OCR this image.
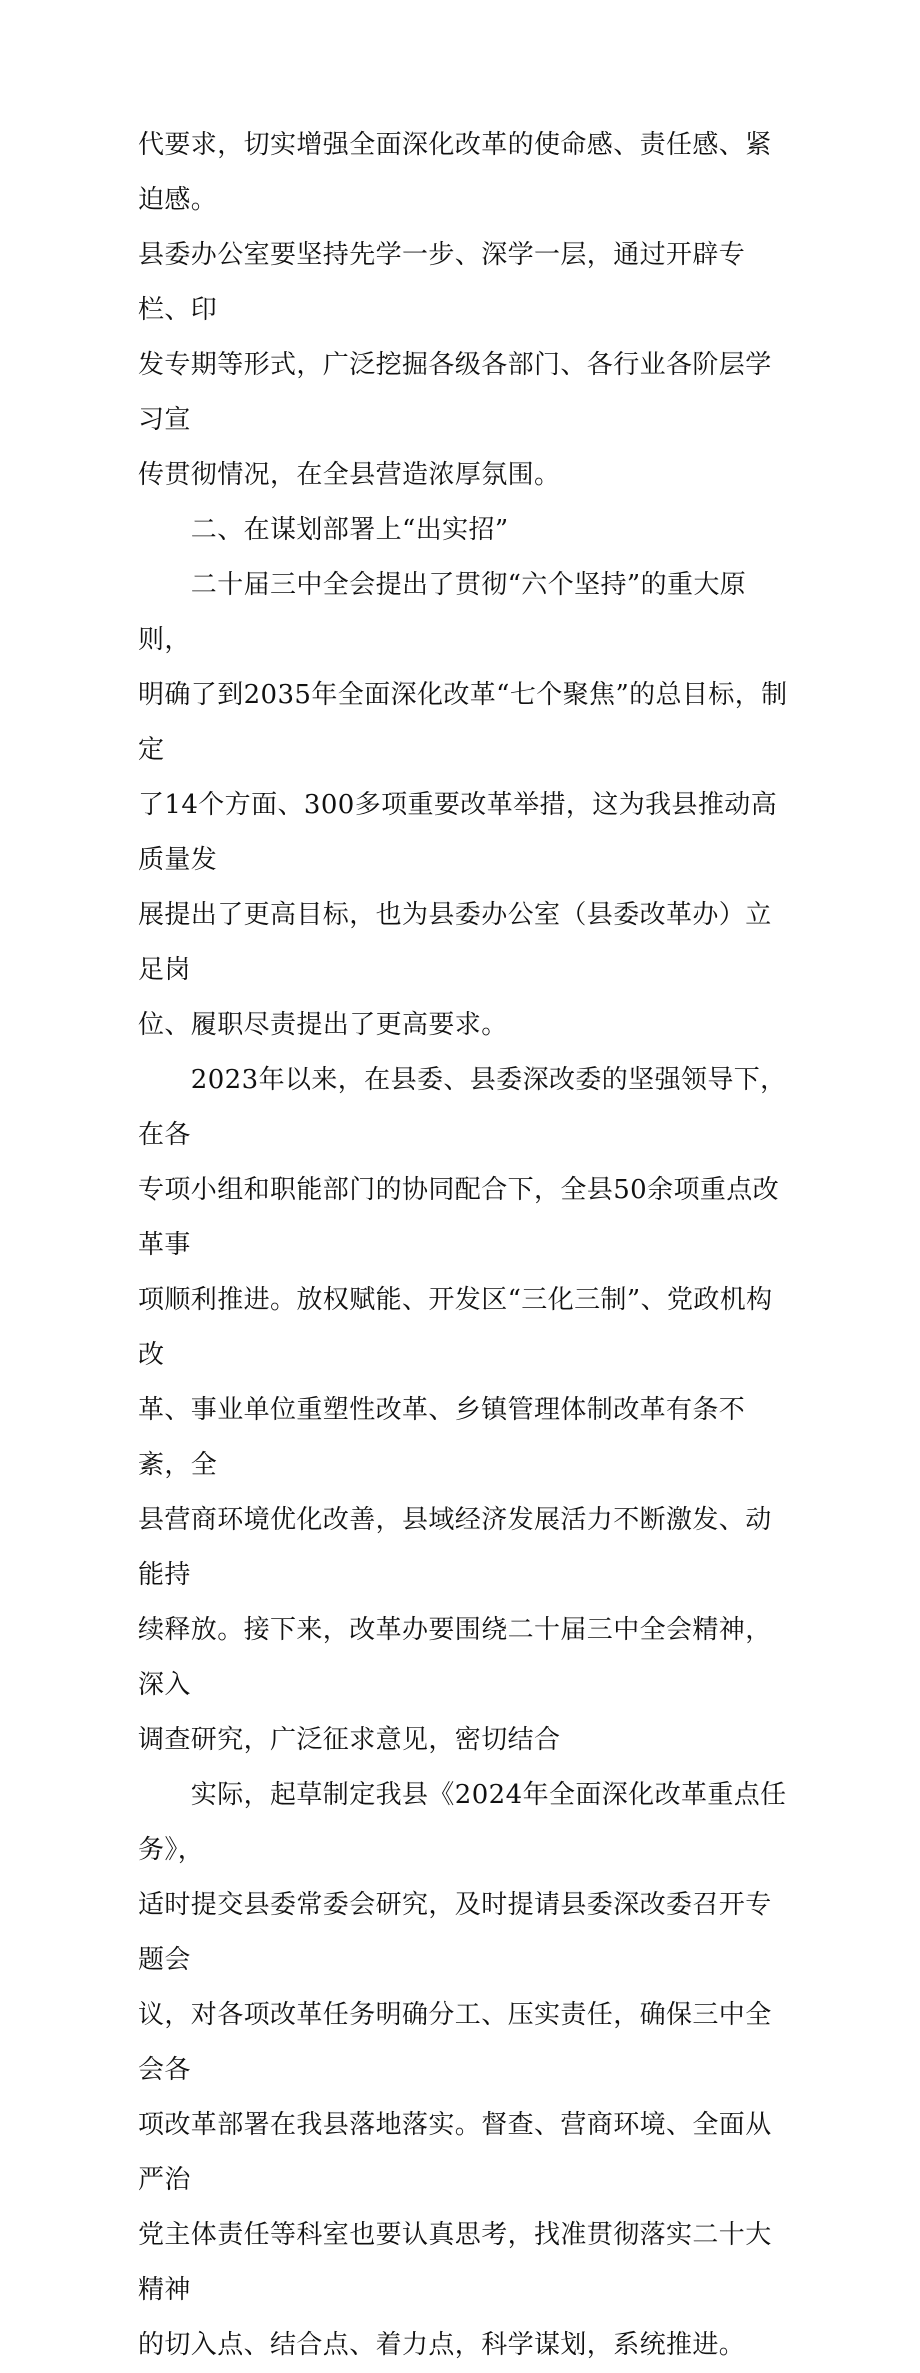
代要求，切实增强全面深化改革的使命感、责任感、紧迫感。
县委办公室要坚持先学一步、深学一层，通过开辟专栏、印
发专期等形式，广泛挖掘各级各部门、各行业各阶层学习宣
传贯彻情况，在全县营造浓厚氛围。

　　二、在谋划部署上“出实招”

　　二十届三中全会提出了贯彻“六个坚持”的重大原则，
明确了到2035年全面深化改革“七个聚焦”的总目标，制定
了14个方面、300多项重要改革举措，这为我县推动高质量发
展提出了更高目标，也为县委办公室（县委改革办）立足岗
位、履职尽责提出了更高要求。

　　2023年以来，在县委、县委深改委的坚强领导下，在各
专项小组和职能部门的协同配合下，全县50余项重点改革事
项顺利推进。放权赋能、开发区“三化三制”、党政机构改
革、事业单位重塑性改革、乡镇管理体制改革有条不紊，全
县营商环境优化改善，县域经济发展活力不断激发、动能持
续释放。接下来，改革办要围绕二十届三中全会精神，深入
调查研究，广泛征求意见，密切结合

　　实际，起草制定我县《2024年全面深化改革重点任务》，
适时提交县委常委会研究，及时提请县委深改委召开专题会
议，对各项改革任务明确分工、压实责任，确保三中全会各
项改革部署在我县落地落实。督查、营商环境、全面从严治
党主体责任等科室也要认真思考，找准贯彻落实二十大精神
的切入点、结合点、着力点，科学谋划，系统推进。
